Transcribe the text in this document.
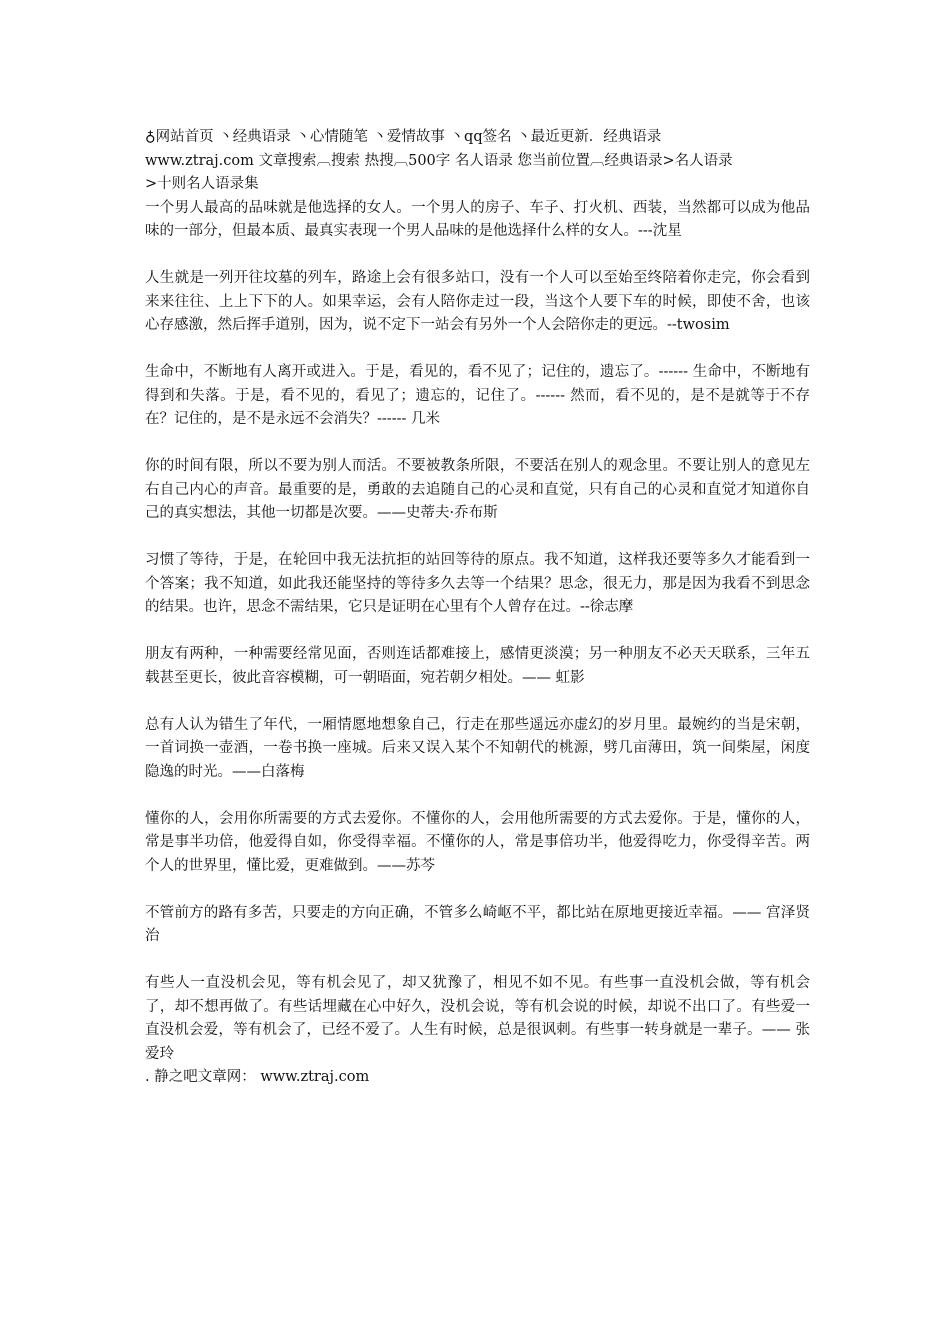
♁网站首页 丶经典语录 丶心情随笔 丶爱情故事 丶qq签名 丶最近更新．经典语录
www.ztraj.com 文章搜索︹搜索 热搜︹500字 名人语录 您当前位置︹经典语录>名人语录
>十则名人语录集

一个男人最高的品味就是他选择的女人。一个男人的房子、车子、打火机、西装，当然都可以成为他品味的一部分，但最本质、最真实表现一个男人品味的是他选择什么样的女人。---沈星

人生就是一列开往坟墓的列车，路途上会有很多站口，没有一个人可以至始至终陪着你走完，你会看到来来往往、上上下下的人。如果幸运，会有人陪你走过一段，当这个人要下车的时候，即使不舍，也该心存感激，然后挥手道别，因为，说不定下一站会有另外一个人会陪你走的更远。--twosim

生命中，不断地有人离开或进入。于是，看见的，看不见了；记住的，遗忘了。------ 生命中，不断地有得到和失落。于是，看不见的，看见了；遗忘的，记住了。------ 然而，看不见的，是不是就等于不存在？记住的，是不是永远不会消失？------ 几米

你的时间有限，所以不要为别人而活。不要被教条所限，不要活在别人的观念里。不要让别人的意见左右自己内心的声音。最重要的是，勇敢的去追随自己的心灵和直觉，只有自己的心灵和直觉才知道你自己的真实想法，其他一切都是次要。——史蒂夫·乔布斯

习惯了等待，于是，在轮回中我无法抗拒的站回等待的原点。我不知道，这样我还要等多久才能看到一个答案；我不知道，如此我还能坚持的等待多久去等一个结果？思念，很无力，那是因为我看不到思念的结果。也许，思念不需结果，它只是证明在心里有个人曾存在过。--徐志摩

朋友有两种，一种需要经常见面，否则连话都难接上，感情更淡漠；另一种朋友不必天天联系，三年五载甚至更长，彼此音容模糊，可一朝晤面，宛若朝夕相处。—— 虹影

总有人认为错生了年代，一厢情愿地想象自己，行走在那些遥远亦虚幻的岁月里。最婉约的当是宋朝，一首词换一壶酒，一卷书换一座城。后来又误入某个不知朝代的桃源，劈几亩薄田，筑一间柴屋，闲度隐逸的时光。——白落梅

懂你的人，会用你所需要的方式去爱你。不懂你的人，会用他所需要的方式去爱你。于是，懂你的人，常是事半功倍，他爱得自如，你受得幸福。不懂你的人，常是事倍功半，他爱得吃力，你受得辛苦。两个人的世界里，懂比爱，更难做到。——苏芩

不管前方的路有多苦，只要走的方向正确，不管多么崎岖不平，都比站在原地更接近幸福。—— 宫泽贤治

有些人一直没机会见，等有机会见了，却又犹豫了，相见不如不见。有些事一直没机会做，等有机会了，却不想再做了。有些话埋藏在心中好久，没机会说，等有机会说的时候，却说不出口了。有些爱一直没机会爱，等有机会了，已经不爱了。人生有时候，总是很讽刺。有些事一转身就是一辈子。—— 张爱玲

. 静之吧文章网： www.ztraj.com
